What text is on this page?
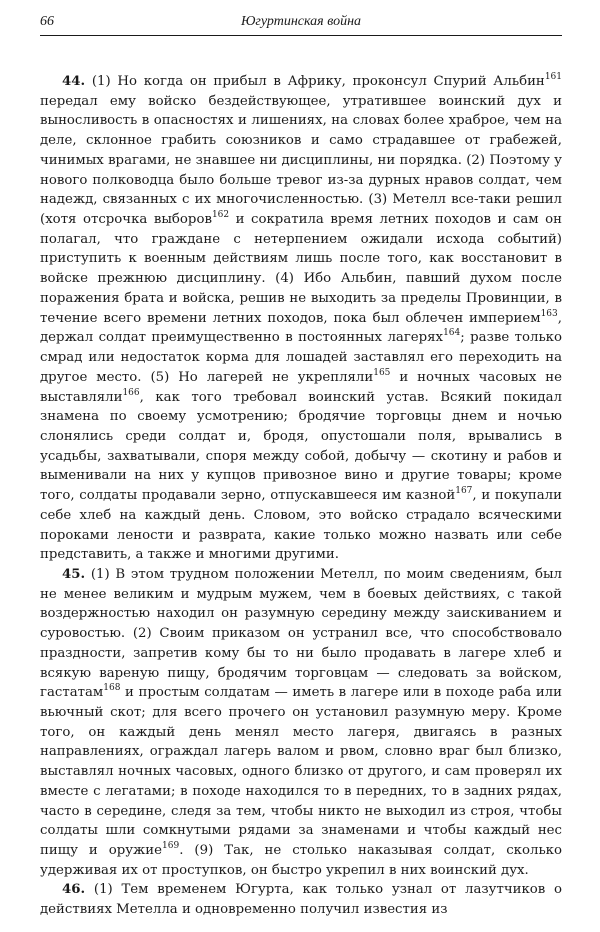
66	Югуртинская война

44. (1) Но когда он прибыл в Африку, проконсул Спурий Альбин$^{161}$ передал ему войско бездействующее, утратившее воинский дух и выносливость в опасностях и лишениях, на словах более храброе, чем на деле, склонное грабить союзников и само страдавшее от грабежей, чинимых врагами, не знавшее ни дисциплины, ни порядка. (2) Поэтому у нового полководца было больше тревог из-за дурных нравов солдат, чем надежд, связанных с их многочисленностью. (3) Метелл все-таки решил (хотя отсрочка выборов$^{162}$ и сократила время летних походов и сам он полагал, что граждане с нетерпением ожидали исхода событий) приступить к военным действиям лишь после того, как восстановит в войске прежнюю дисциплину. (4) Ибо Альбин, павший духом после поражения брата и войска, решив не выходить за пределы Провинции, в течение всего времени летних походов, пока был облечен империем$^{163}$, держал солдат преимущественно в постоянных лагерях$^{164}$; разве только смрад или недостаток корма для лошадей заставлял его переходить на другое место. (5) Но лагерей не укрепляли$^{165}$ и ночных часовых не выставляли$^{166}$, как того требовал воинский устав. Всякий покидал знамена по своему усмотрению; бродячие торговцы днем и ночью слонялись среди солдат и, бродя, опустошали поля, врывались в усадьбы, захватывали, споря между собой, добычу — скотину и рабов и выменивали на них у купцов привозное вино и другие товары; кроме того, солдаты продавали зерно, отпускавшееся им казной$^{167}$, и покупали себе хлеб на каждый день. Словом, это войско страдало всяческими пороками лености и разврата, какие только можно назвать или себе представить, а также и многими другими.

45. (1) В этом трудном положении Метелл, по моим сведениям, был не менее великим и мудрым мужем, чем в боевых действиях, с такой воздержностью находил он разумную середину между заискиванием и суровостью. (2) Своим приказом он устранил все, что способствовало праздности, запретив кому бы то ни было продавать в лагере хлеб и всякую вареную пищу, бродячим торговцам — следовать за войском, гастатам$^{168}$ и простым солдатам — иметь в лагере или в походе раба или вьючный скот; для всего прочего он установил разумную меру. Кроме того, он каждый день менял место лагеря, двигаясь в разных направлениях, ограждал лагерь валом и рвом, словно враг был близко, выставлял ночных часовых, одного близко от другого, и сам проверял их вместе с легатами; в походе находился то в передних, то в задних рядах, часто в середине, следя за тем, чтобы никто не выходил из строя, чтобы солдаты шли сомкнутыми рядами за знаменами и чтобы каждый нес пищу и оружие$^{169}$. (9) Так, не столько наказывая солдат, сколько удерживая их от проступков, он быстро укрепил в них воинский дух.

46. (1) Тем временем Югурта, как только узнал от лазутчиков о действиях Метелла и одновременно получил известия из
